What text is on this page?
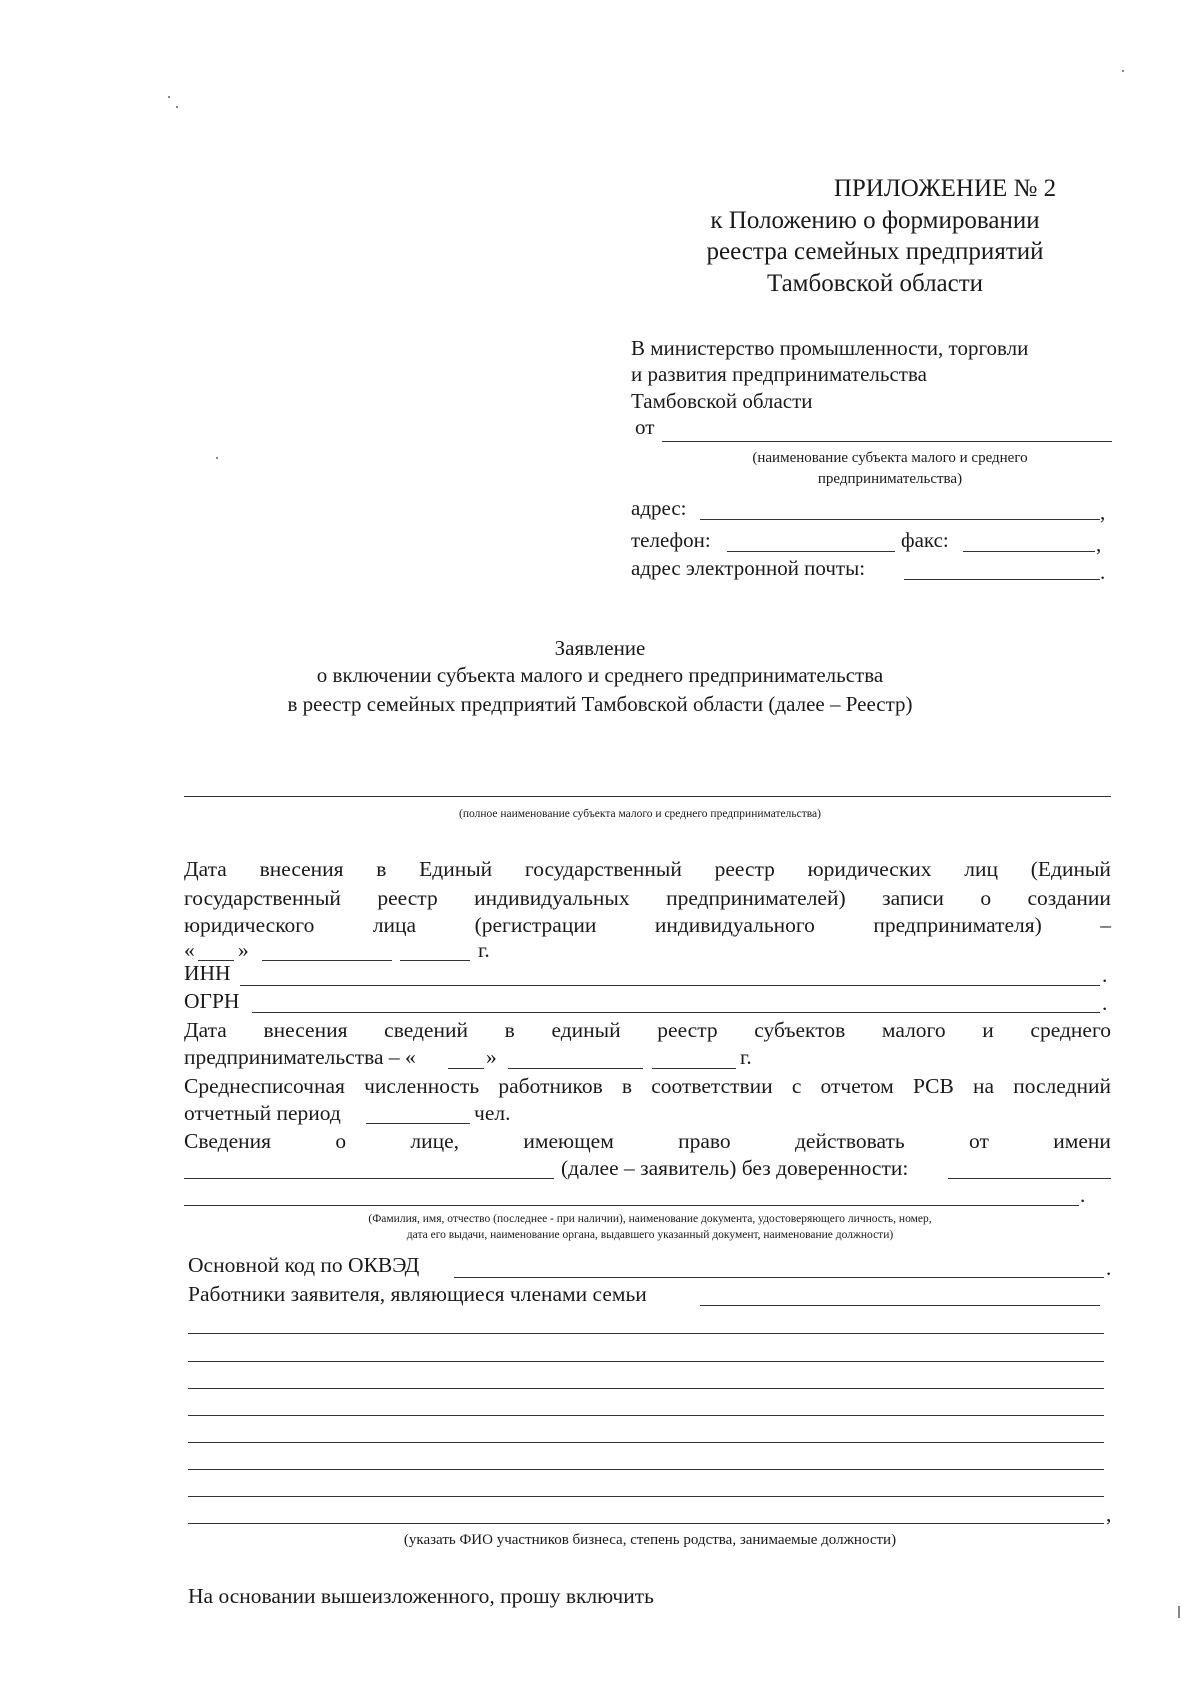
ПРИЛОЖЕНИЕ № 2
к Положению о формировании
реестра семейных предприятий
Тамбовской области
В министерство промышленности, торговли
и развития предпринимательства
Тамбовской области
от
(наименование субъекта малого и среднего
предпринимательства)
адрес:	,
телефон:	факс:	,
адрес электронной почты:	.
Заявление
о включении субъекта малого и среднего предпринимательства
в реестр семейных предприятий Тамбовской области (далее – Реестр)
(полное наименование субъекта малого и среднего предпринимательства)
Дата внесения в Единый государственный реестр юридических лиц (Единый
государственный реестр индивидуальных предпринимателей) записи о создании
юридического	лица	(регистрации	индивидуального	предпринимателя)	–
« »	г.
ИНН	.
ОГРН	.
Дата внесения сведений в единый реестр субъектов малого и среднего
предпринимательства – «	»	г.
Среднесписочная численность работников в соответствии с отчетом РСВ на последний
отчетный период	чел.
Сведения	о	лице,	имеющем	право	действовать	от	имени
(далее – заявитель) без доверенности:
.
(Фамилия, имя, отчество (последнее - при наличии), наименование документа, удостоверяющего личность, номер,
дата его выдачи, наименование органа, выдавшего указанный документ, наименование должности)
Основной код по ОКВЭД	.
Работники заявителя, являющиеся членами семьи
,
(указать ФИО участников бизнеса, степень родства, занимаемые должности)
На основании вышеизложенного, прошу включить
